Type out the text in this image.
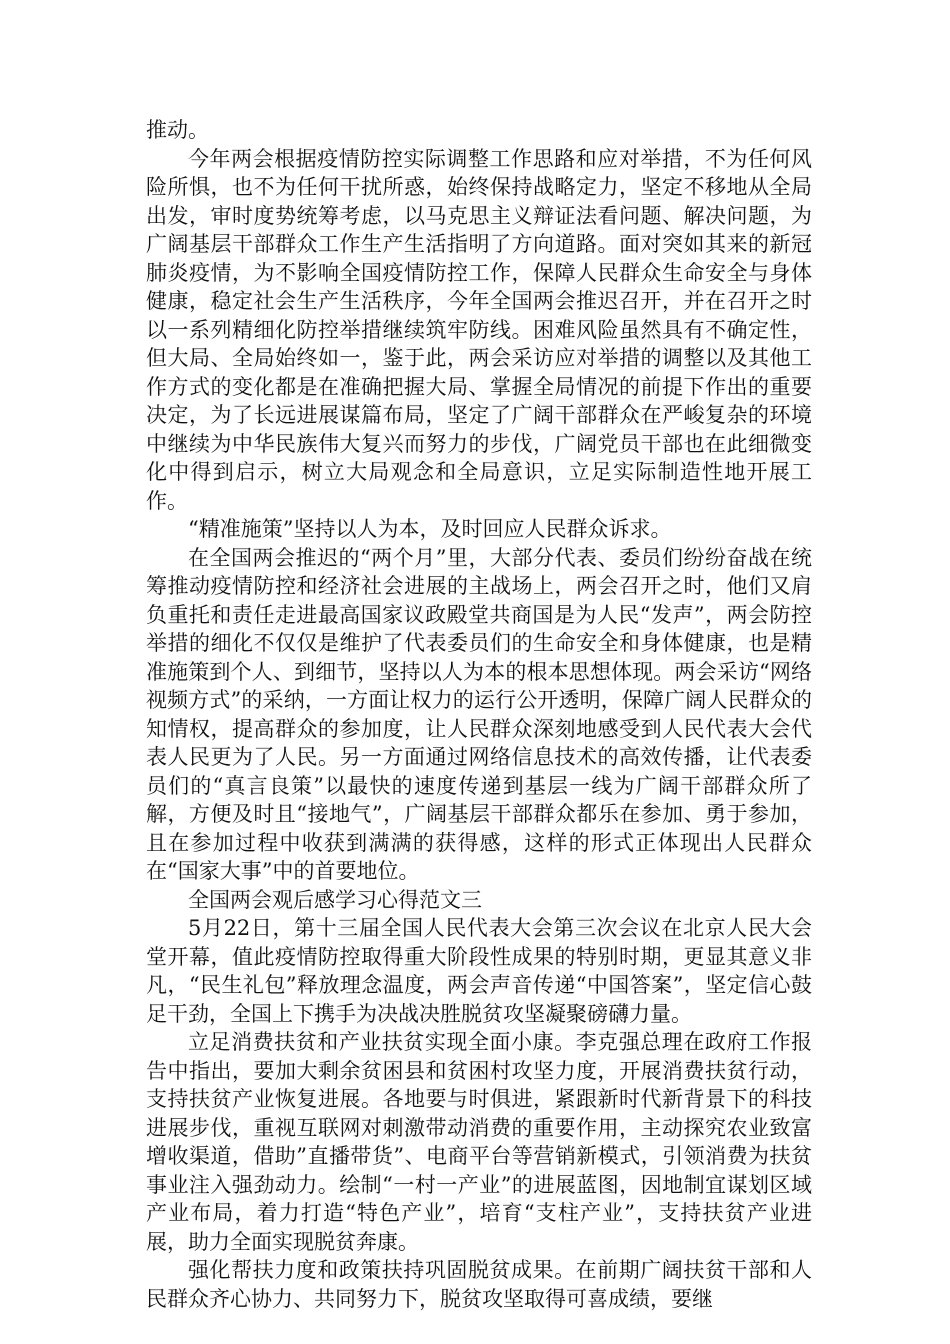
推动。

今年两会根据疫情防控实际调整工作思路和应对举措，不为任何风险所惧，也不为任何干扰所惑，始终保持战略定力，坚定不移地从全局出发，审时度势统筹考虑，以马克思主义辩证法看问题、解决问题，为广阔基层干部群众工作生产生活指明了方向道路。面对突如其来的新冠肺炎疫情，为不影响全国疫情防控工作，保障人民群众生命安全与身体健康，稳定社会生产生活秩序，今年全国两会推迟召开，并在召开之时以一系列精细化防控举措继续筑牢防线。困难风险虽然具有不确定性，但大局、全局始终如一，鉴于此，两会采访应对举措的调整以及其他工作方式的变化都是在准确把握大局、掌握全局情况的前提下作出的重要决定，为了长远进展谋篇布局，坚定了广阔干部群众在严峻复杂的环境中继续为中华民族伟大复兴而努力的步伐，广阔党员干部也在此细微变化中得到启示，树立大局观念和全局意识，立足实际制造性地开展工作。

“精准施策”坚持以人为本，及时回应人民群众诉求。

在全国两会推迟的“两个月”里，大部分代表、委员们纷纷奋战在统筹推动疫情防控和经济社会进展的主战场上，两会召开之时，他们又肩负重托和责任走进最高国家议政殿堂共商国是为人民“发声”，两会防控举措的细化不仅仅是维护了代表委员们的生命安全和身体健康，也是精准施策到个人、到细节，坚持以人为本的根本思想体现。两会采访“网络视频方式”的采纳，一方面让权力的运行公开透明，保障广阔人民群众的知情权，提高群众的参加度，让人民群众深刻地感受到人民代表大会代表人民更为了人民。另一方面通过网络信息技术的高效传播，让代表委员们的“真言良策”以最快的速度传递到基层一线为广阔干部群众所了解，方便及时且“接地气”，广阔基层干部群众都乐在参加、勇于参加，且在参加过程中收获到满满的获得感，这样的形式正体现出人民群众在“国家大事”中的首要地位。

全国两会观后感学习心得范文三

5月22日，第十三届全国人民代表大会第三次会议在北京人民大会堂开幕，值此疫情防控取得重大阶段性成果的特别时期，更显其意义非凡，“民生礼包”释放理念温度，两会声音传递“中国答案”，坚定信心鼓足干劲，全国上下携手为决战决胜脱贫攻坚凝聚磅礴力量。

立足消费扶贫和产业扶贫实现全面小康。李克强总理在政府工作报告中指出，要加大剩余贫困县和贫困村攻坚力度，开展消费扶贫行动，支持扶贫产业恢复进展。各地要与时俱进，紧跟新时代新背景下的科技进展步伐，重视互联网对刺激带动消费的重要作用，主动探究农业致富增收渠道，借助”直播带货”、电商平台等营销新模式，引领消费为扶贫事业注入强劲动力。绘制“一村一产业”的进展蓝图，因地制宜谋划区域产业布局，着力打造“特色产业”，培育“支柱产业”，支持扶贫产业进展，助力全面实现脱贫奔康。

强化帮扶力度和政策扶持巩固脱贫成果。在前期广阔扶贫干部和人民群众齐心协力、共同努力下，脱贫攻坚取得可喜成绩，要继
